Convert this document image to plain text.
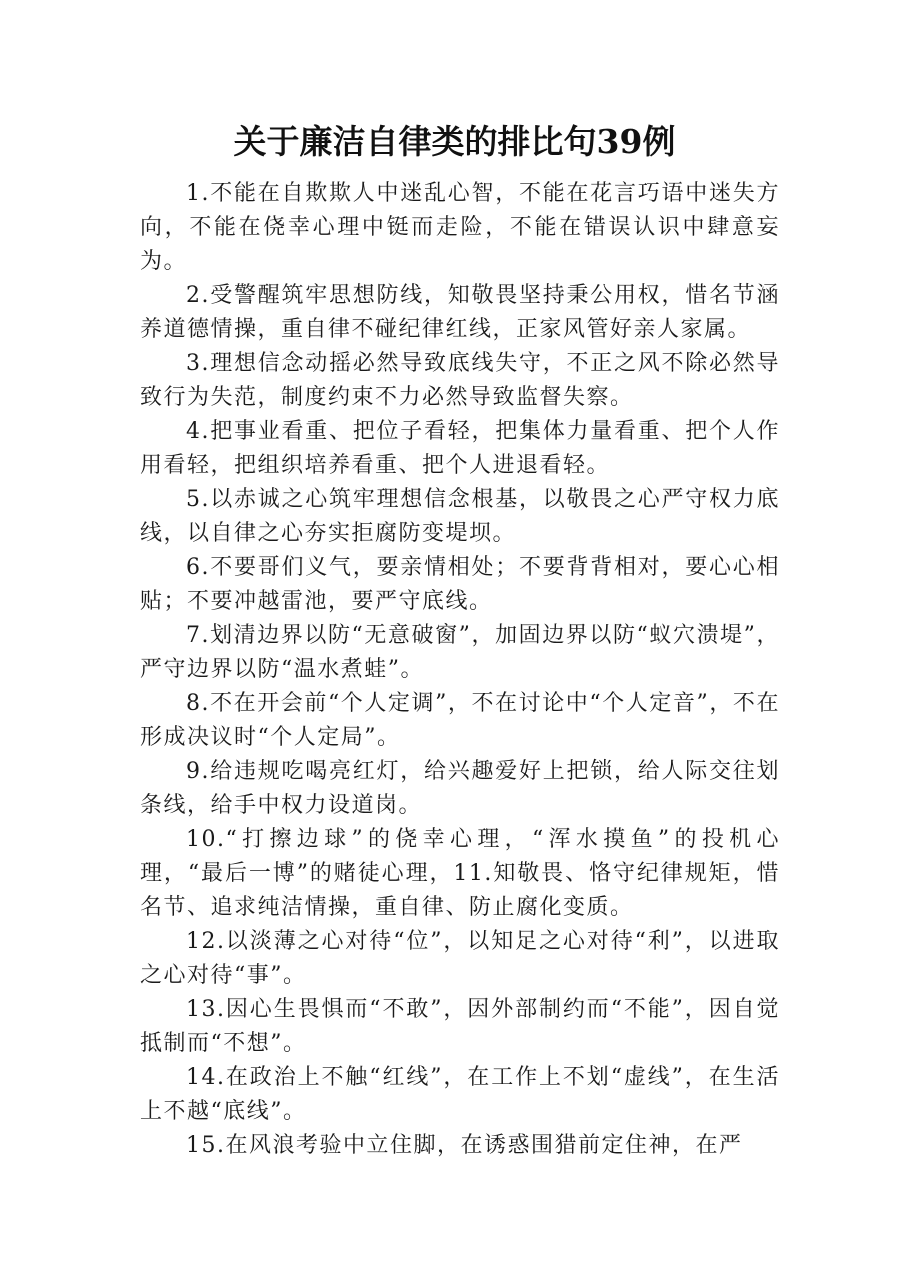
关于廉洁自律类的排比句39例

1.不能在自欺欺人中迷乱心智，不能在花言巧语中迷失方向，不能在侥幸心理中铤而走险，不能在错误认识中肆意妄为。

2.受警醒筑牢思想防线，知敬畏坚持秉公用权，惜名节涵养道德情操，重自律不碰纪律红线，正家风管好亲人家属。

3.理想信念动摇必然导致底线失守，不正之风不除必然导致行为失范，制度约束不力必然导致监督失察。

4.把事业看重、把位子看轻，把集体力量看重、把个人作用看轻，把组织培养看重、把个人进退看轻。

5.以赤诚之心筑牢理想信念根基，以敬畏之心严守权力底线，以自律之心夯实拒腐防变堤坝。

6.不要哥们义气，要亲情相处；不要背背相对，要心心相贴；不要冲越雷池，要严守底线。

7.划清边界以防“无意破窗”，加固边界以防“蚁穴溃堤”，严守边界以防“温水煮蛙”。

8.不在开会前“个人定调”，不在讨论中“个人定音”，不在形成决议时“个人定局”。

9.给违规吃喝亮红灯，给兴趣爱好上把锁，给人际交往划条线，给手中权力设道岗。

10.“打擦边球”的侥幸心理，“浑水摸鱼”的投机心理，“最后一博”的赌徒心理，11.知敬畏、恪守纪律规矩，惜名节、追求纯洁情操，重自律、防止腐化变质。

12.以淡薄之心对待“位”，以知足之心对待“利”，以进取之心对待“事”。

13.因心生畏惧而“不敢”，因外部制约而“不能”，因自觉抵制而“不想”。

14.在政治上不触“红线”，在工作上不划“虚线”，在生活上不越“底线”。

15.在风浪考验中立住脚，在诱惑围猎前定住神，在严
